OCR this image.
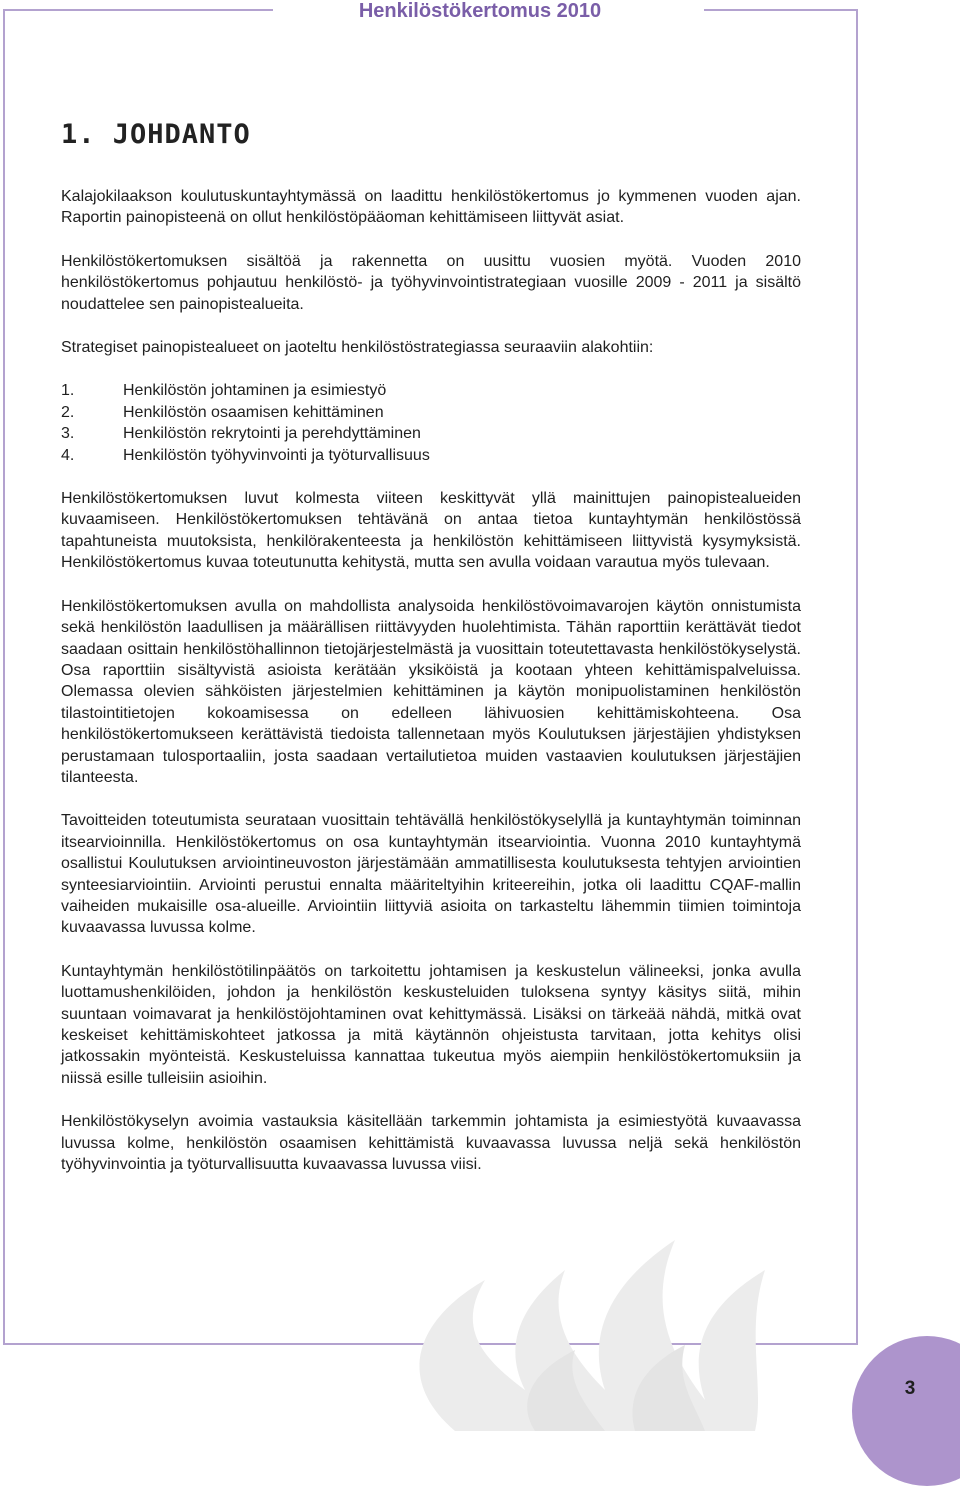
Henkilöstökertomus 2010
1. JOHDANTO

Kalajokilaakson koulutuskuntayhtymässä on laadittu henkilöstökertomus jo kymmenen vuoden ajan. Raportin painopisteenä on ollut henkilöstöpääoman kehittämiseen liittyvät asiat.

Henkilöstökertomuksen sisältöä ja rakennetta on uusittu vuosien myötä. Vuoden 2010 henkilöstökertomus pohjautuu henkilöstö- ja työhyvinvointistrategiaan vuosille 2009 - 2011 ja sisältö noudattelee sen painopistealueita.

Strategiset painopistealueet on jaoteltu henkilöstöstrategiassa seuraaviin alakohtiin:

1.	Henkilöstön johtaminen ja esimiestyö
2.	Henkilöstön osaamisen kehittäminen
3.	Henkilöstön rekrytointi ja perehdyttäminen
4.	Henkilöstön työhyvinvointi ja työturvallisuus

Henkilöstökertomuksen luvut kolmesta viiteen keskittyvät yllä mainittujen painopistealueiden kuvaamiseen. Henkilöstökertomuksen tehtävänä on antaa tietoa kuntayhtymän henkilöstössä tapahtuneista muutoksista, henkilörakenteesta ja henkilöstön kehittämiseen liittyvistä kysymyksistä. Henkilöstökertomus kuvaa toteutunutta kehitystä, mutta sen avulla voidaan varautua myös tulevaan.

Henkilöstökertomuksen avulla on mahdollista analysoida henkilöstövoimavarojen käytön onnistumista sekä henkilöstön laadullisen ja määrällisen riittävyyden huolehtimista. Tähän raporttiin kerättävät tiedot saadaan osittain henkilöstöhallinnon tietojärjestelmästä ja vuosittain toteutettavasta henkilöstökyselystä. Osa raporttiin sisältyvistä asioista kerätään yksiköistä ja kootaan yhteen kehittämispalveluissa. Olemassa olevien sähköisten järjestelmien kehittäminen ja käytön monipuolistaminen henkilöstön tilastointitietojen kokoamisessa on edelleen lähivuosien kehittämiskohteena. Osa henkilöstökertomukseen kerättävistä tiedoista tallennetaan myös Koulutuksen järjestäjien yhdistyksen perustamaan tulosportaaliin, josta saadaan vertailutietoa muiden vastaavien koulutuksen järjestäjien tilanteesta.

Tavoitteiden toteutumista seurataan vuosittain tehtävällä henkilöstökyselyllä ja kuntayhtymän toiminnan itsearvioinnilla. Henkilöstökertomus on osa kuntayhtymän itsearviointia. Vuonna 2010 kuntayhtymä osallistui Koulutuksen arviointineuvoston järjestämään ammatillisesta koulutuksesta tehtyjen arviointien synteesiarviointiin. Arviointi perustui ennalta määriteltyihin kriteereihin, jotka oli laadittu CQAF-mallin vaiheiden mukaisille osa-alueille. Arviointiin liittyviä asioita on tarkasteltu lähemmin tiimien toimintoja kuvaavassa luvussa kolme.

Kuntayhtymän henkilöstötilinpäätös on tarkoitettu johtamisen ja keskustelun välineeksi, jonka avulla luottamushenkilöiden, johdon ja henkilöstön keskusteluiden tuloksena syntyy käsitys siitä, mihin suuntaan voimavarat ja henkilöstöjohtaminen ovat kehittymässä. Lisäksi on tärkeää nähdä, mitkä ovat keskeiset kehittämiskohteet jatkossa ja mitä käytännön ohjeistusta tarvitaan, jotta kehitys olisi jatkossakin myönteistä. Keskusteluissa kannattaa tukeutua myös aiempiin henkilöstökertomuksiin ja niissä esille tulleisiin asioihin.

Henkilöstökyselyn avoimia vastauksia käsitellään tarkemmin johtamista ja esimiestyötä kuvaavassa luvussa kolme, henkilöstön osaamisen kehittämistä kuvaavassa luvussa neljä sekä henkilöstön työhyvinvointia ja työturvallisuutta kuvaavassa luvussa viisi.

3
